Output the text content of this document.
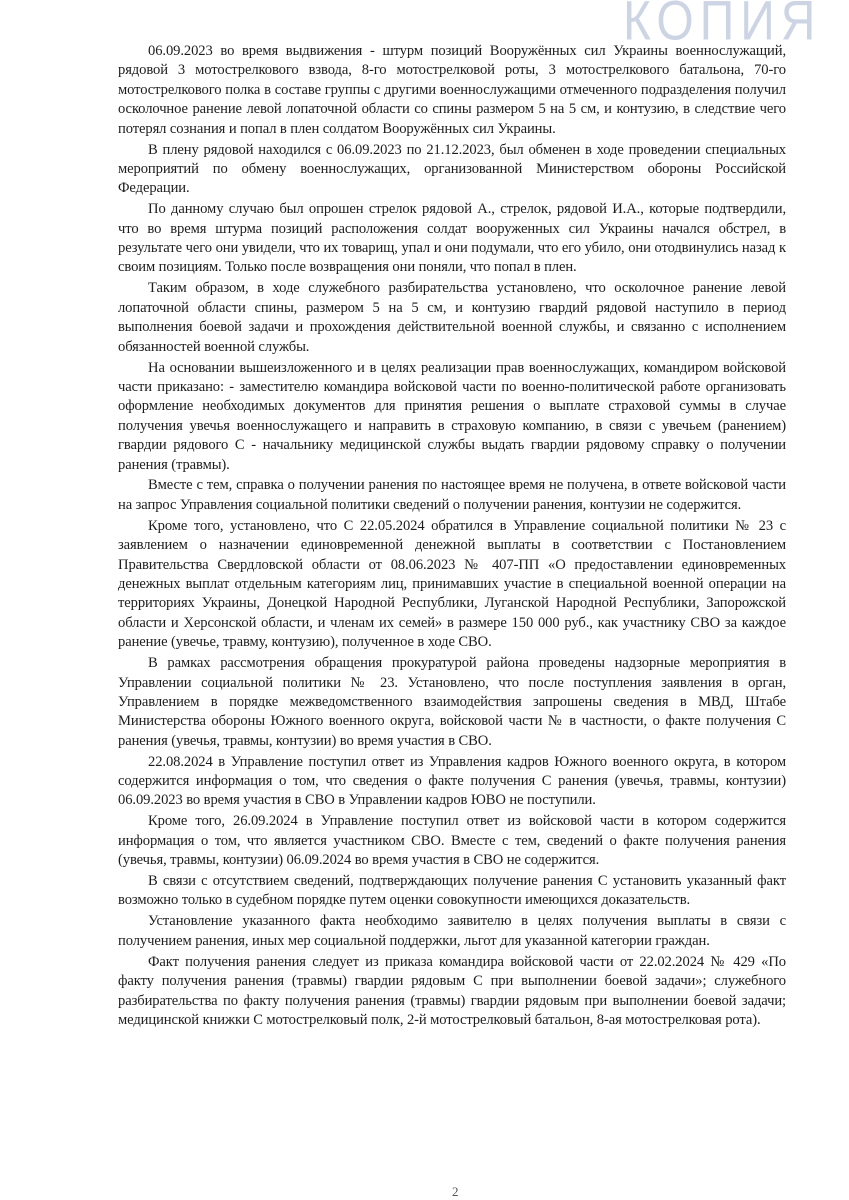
КОПИЯ

06.09.2023 во время выдвижения - штурм позиций Вооружённых сил Украины военнослужащий, рядовой 3 мотострелкового взвода, 8-го мотострелковой роты, 3 мотострелкового батальона, 70-го мотострелкового полка в составе группы с другими военнослужащими отмеченного подразделения получил осколочное ранение левой лопаточной области со спины размером 5 на 5 см, и контузию, в следствие чего потерял сознания и попал в плен солдатом Вооружённых сил Украины.

В плену рядовой находился с 06.09.2023 по 21.12.2023, был обменен в ходе проведении специальных мероприятий по обмену военнослужащих, организованной Министерством обороны Российской Федерации.

По данному случаю был опрошен стрелок рядовой А., стрелок, рядовой И.А., которые подтвердили, что во время штурма позиций расположения солдат вооруженных сил Украины начался обстрел, в результате чего они увидели, что их товарищ, упал и они подумали, что его убило, они отодвинулись назад к своим позициям. Только после возвращения они поняли, что попал в плен.

Таким образом, в ходе служебного разбирательства установлено, что осколочное ранение левой лопаточной области спины, размером 5 на 5 см, и контузию гвардий рядовой наступило в период выполнения боевой задачи и прохождения действительной военной службы, и связанно с исполнением обязанностей военной службы.

На основании вышеизложенного и в целях реализации прав военнослужащих, командиром войсковой части приказано: - заместителю командира войсковой части по военно-политической работе организовать оформление необходимых документов для принятия решения о выплате страховой суммы в случае получения увечья военнослужащего и направить в страховую компанию, в связи с увечьем (ранением) гвардии рядового С - начальнику медицинской службы выдать гвардии рядовому справку о получении ранения (травмы).

Вместе с тем, справка о получении ранения по настоящее время не получена, в ответе войсковой части на запрос Управления социальной политики сведений о получении ранения, контузии не содержится.

Кроме того, установлено, что С 22.05.2024 обратился в Управление социальной политики № 23 с заявлением о назначении единовременной денежной выплаты в соответствии с Постановлением Правительства Свердловской области от 08.06.2023 № 407-ПП «О предоставлении единовременных денежных выплат отдельным категориям лиц, принимавших участие в специальной военной операции на территориях Украины, Донецкой Народной Республики, Луганской Народной Республики, Запорожской области и Херсонской области, и членам их семей» в размере 150 000 руб., как участнику СВО за каждое ранение (увечье, травму, контузию), полученное в ходе СВО.

В рамках рассмотрения обращения прокуратурой района проведены надзорные мероприятия в Управлении социальной политики № 23. Установлено, что после поступления заявления в орган, Управлением в порядке межведомственного взаимодействия запрошены сведения в МВД, Штабе Министерства обороны Южного военного округа, войсковой части № в частности, о факте получения С ранения (увечья, травмы, контузии) во время участия в СВО.

22.08.2024 в Управление поступил ответ из Управления кадров Южного военного округа, в котором содержится информация о том, что сведения о факте получения С ранения (увечья, травмы, контузии) 06.09.2023 во время участия в СВО в Управлении кадров ЮВО не поступили.

Кроме того, 26.09.2024 в Управление поступил ответ из войсковой части в котором содержится информация о том, что является участником СВО. Вместе с тем, сведений о факте получения ранения (увечья, травмы, контузии) 06.09.2024 во время участия в СВО не содержится.

В связи с отсутствием сведений, подтверждающих получение ранения С установить указанный факт возможно только в судебном порядке путем оценки совокупности имеющихся доказательств.

Установление указанного факта необходимо заявителю в целях получения выплаты в связи с получением ранения, иных мер социальной поддержки, льгот для указанной категории граждан.

Факт получения ранения следует из приказа командира войсковой части от 22.02.2024 № 429 «По факту получения ранения (травмы) гвардии рядовым С при выполнении боевой задачи»; служебного разбирательства по факту получения ранения (травмы) гвардии рядовым при выполнении боевой задачи; медицинской книжки С мотострелковый полк, 2-й мотострелковый батальон, 8-ая мотострелковая рота).

2
